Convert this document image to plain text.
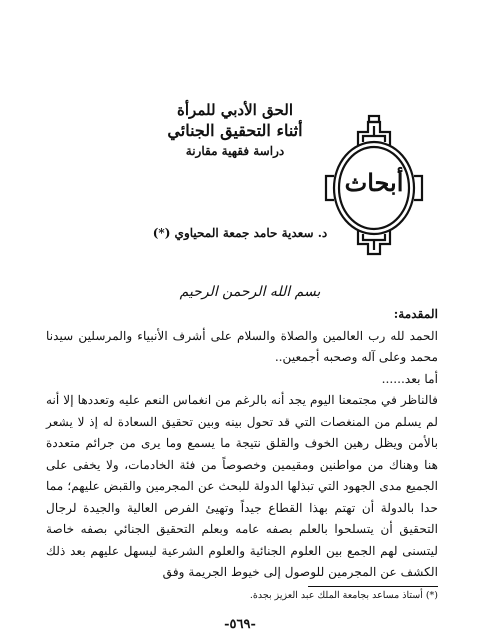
الحق الأدبي للمرأة
أثناء التحقيق الجنائي
دراسة فقهية مقارنة
أبحاث
د. سعدية حامد جمعة المحياوي (*)
بسم الله الرحمن الرحيم

المقدمة:

الحمد لله رب العالمين والصلاة والسلام على أشرف الأنبياء والمرسلين سيدنا محمد وعلى آله وصحبه أجمعين..

أما بعد......

فالناظر في مجتمعنا اليوم يجد أنه بالرغم من انغماس النعم عليه وتعددها إلا أنه لم يسلم من المنغصات التي قد تحول بينه وبين تحقيق السعادة له إذ لا يشعر بالأمن ويظل رهين الخوف والقلق نتيجة ما يسمع وما يرى من جرائم متعددة هنا وهناك من مواطنين ومقيمين وخصوصاً من فئة الخادمات، ولا يخفى على الجميع مدى الجهود التي تبذلها الدولة للبحث عن المجرمين والقبض عليهم؛ مما حدا بالدولة أن تهتم بهذا القطاع جيداً وتهيئ الفرص العالية والجيدة لرجال التحقيق أن يتسلحوا بالعلم بصفه عامه وبعلم التحقيق الجنائي بصفه خاصة ليتسنى لهم الجمع بين العلوم الجنائية والعلوم الشرعية ليسهل عليهم بعد ذلك الكشف عن المجرمين للوصول إلى خيوط الجريمة وفق

(*) أستاذ مساعد بجامعة الملك عبد العزيز بجدة.
-٥٦٩-
